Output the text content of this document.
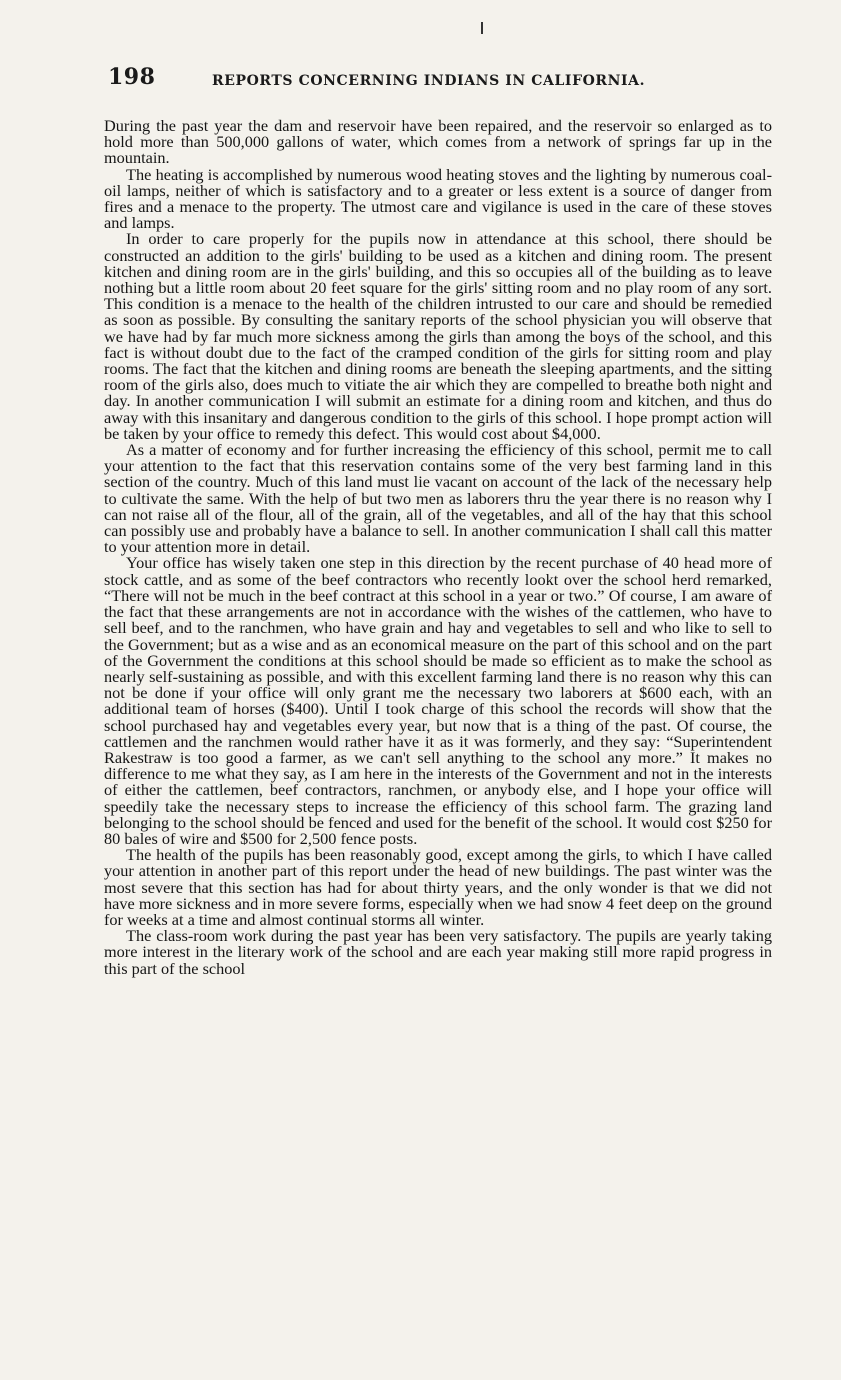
198	REPORTS CONCERNING INDIANS IN CALIFORNIA.

During the past year the dam and reservoir have been repaired, and the reservoir so enlarged as to hold more than 500,000 gallons of water, which comes from a network of springs far up in the mountain.

The heating is accomplished by numerous wood heating stoves and the lighting by numerous coal-oil lamps, neither of which is satisfactory and to a greater or less extent is a source of danger from fires and a menace to the property. The utmost care and vigilance is used in the care of these stoves and lamps.

In order to care properly for the pupils now in attendance at this school, there should be constructed an addition to the girls' building to be used as a kitchen and dining room. The present kitchen and dining room are in the girls' building, and this so occupies all of the building as to leave nothing but a little room about 20 feet square for the girls' sitting room and no play room of any sort. This condition is a menace to the health of the children intrusted to our care and should be remedied as soon as possible. By consulting the sanitary reports of the school physician you will observe that we have had by far much more sickness among the girls than among the boys of the school, and this fact is without doubt due to the fact of the cramped condition of the girls for sitting room and play rooms. The fact that the kitchen and dining rooms are beneath the sleeping apartments, and the sitting room of the girls also, does much to vitiate the air which they are compelled to breathe both night and day. In another communication I will submit an estimate for a dining room and kitchen, and thus do away with this insanitary and dangerous condition to the girls of this school. I hope prompt action will be taken by your office to remedy this defect. This would cost about $4,000.

As a matter of economy and for further increasing the efficiency of this school, permit me to call your attention to the fact that this reservation contains some of the very best farming land in this section of the country. Much of this land must lie vacant on account of the lack of the necessary help to cultivate the same. With the help of but two men as laborers thru the year there is no reason why I can not raise all of the flour, all of the grain, all of the vegetables, and all of the hay that this school can possibly use and probably have a balance to sell. In another communication I shall call this matter to your attention more in detail.

Your office has wisely taken one step in this direction by the recent purchase of 40 head more of stock cattle, and as some of the beef contractors who recently lookt over the school herd remarked, “There will not be much in the beef contract at this school in a year or two.” Of course, I am aware of the fact that these arrangements are not in accordance with the wishes of the cattlemen, who have to sell beef, and to the ranchmen, who have grain and hay and vegetables to sell and who like to sell to the Government; but as a wise and as an economical measure on the part of this school and on the part of the Government the conditions at this school should be made so efficient as to make the school as nearly self-sustaining as possible, and with this excellent farming land there is no reason why this can not be done if your office will only grant me the necessary two laborers at $600 each, with an additional team of horses ($400). Until I took charge of this school the records will show that the school purchased hay and vegetables every year, but now that is a thing of the past. Of course, the cattlemen and the ranchmen would rather have it as it was formerly, and they say: “Superintendent Rakestraw is too good a farmer, as we can't sell anything to the school any more.” It makes no difference to me what they say, as I am here in the interests of the Government and not in the interests of either the cattlemen, beef contractors, ranchmen, or anybody else, and I hope your office will speedily take the necessary steps to increase the efficiency of this school farm. The grazing land belonging to the school should be fenced and used for the benefit of the school. It would cost $250 for 80 bales of wire and $500 for 2,500 fence posts.

The health of the pupils has been reasonably good, except among the girls, to which I have called your attention in another part of this report under the head of new buildings. The past winter was the most severe that this section has had for about thirty years, and the only wonder is that we did not have more sickness and in more severe forms, especially when we had snow 4 feet deep on the ground for weeks at a time and almost continual storms all winter.

The class-room work during the past year has been very satisfactory. The pupils are yearly taking more interest in the literary work of the school and are each year making still more rapid progress in this part of the school
